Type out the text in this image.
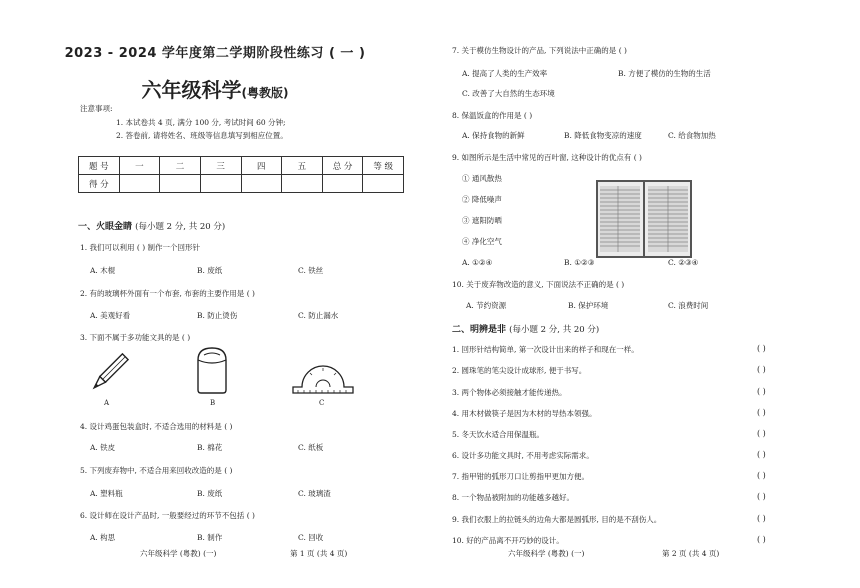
2023 - 2024 学年度第二学期阶段性练习 ( 一 )
六年级科学(粤教版)
注意事项:
1. 本试卷共 4 页, 满分 100 分, 考试时间 60 分钟;
2. 答卷前, 请将姓名、班级等信息填写到相应位置。
题 号	一	二	三	四	五	总 分	等 级
得 分							
一、火眼金睛 (每小题 2 分, 共 20 分)
1. 我们可以利用 ( ) 制作一个回形针
A. 木棍	B. 废纸	C. 铁丝
2. 有的玻璃杯外面有一个布套, 布套的主要作用是 ( )
A. 美观好看	B. 防止烫伤	C. 防止漏水
3. 下面不属于多功能文具的是 ( )
A	B	C
4. 设计鸡蛋包装盒时, 不适合选用的材料是 ( )
A. 铁皮	B. 棉花	C. 纸板
5. 下列废弃物中, 不适合用来回收改造的是 ( )
A. 塑料瓶	B. 废纸	C. 玻璃渣
6. 设计师在设计产品时, 一般要经过的环节不包括 ( )
A. 构思	B. 制作	C. 回收
六年级科学 (粤教) (一)	第 1 页 (共 4 页)
7. 关于模仿生物设计的产品, 下列说法中正确的是 ( )
A. 提高了人类的生产效率	B. 方便了模仿的生物的生活
C. 改善了大自然的生态环境
8. 保温饭盒的作用是 ( )
A. 保持食物的新鲜	B. 降低食物变凉的速度	C. 给食物加热
9. 如图所示是生活中常见的百叶窗, 这种设计的优点有 ( )
① 通风散热
② 降低噪声
③ 遮阳防晒
④ 净化空气
A. ①②④	B. ①②③	C. ②③④
10. 关于废弃物改造的意义, 下面说法不正确的是 ( )
A. 节约资源	B. 保护环境	C. 浪费时间
二、明辨是非 (每小题 2 分, 共 20 分)
1. 回形针结构简单, 第一次设计出来的样子和现在一样。	( )
2. 圆珠笔的笔尖设计成球形, 便于书写。	( )
3. 两个物体必须接触才能传递热。	( )
4. 用木材做筷子是因为木材的导热本领强。	( )
5. 冬天饮水适合用保温瓶。	( )
6. 设计多功能文具时, 不用考虑实际需求。	( )
7. 指甲钳的弧形刀口让剪指甲更加方便。	( )
8. 一个物品被附加的功能越多越好。	( )
9. 我们衣服上的拉链头的边角大都是圆弧形, 目的是不刮伤人。	( )
10. 好的产品离不开巧妙的设计。	( )
六年级科学 (粤教) (一)	第 2 页 (共 4 页)
